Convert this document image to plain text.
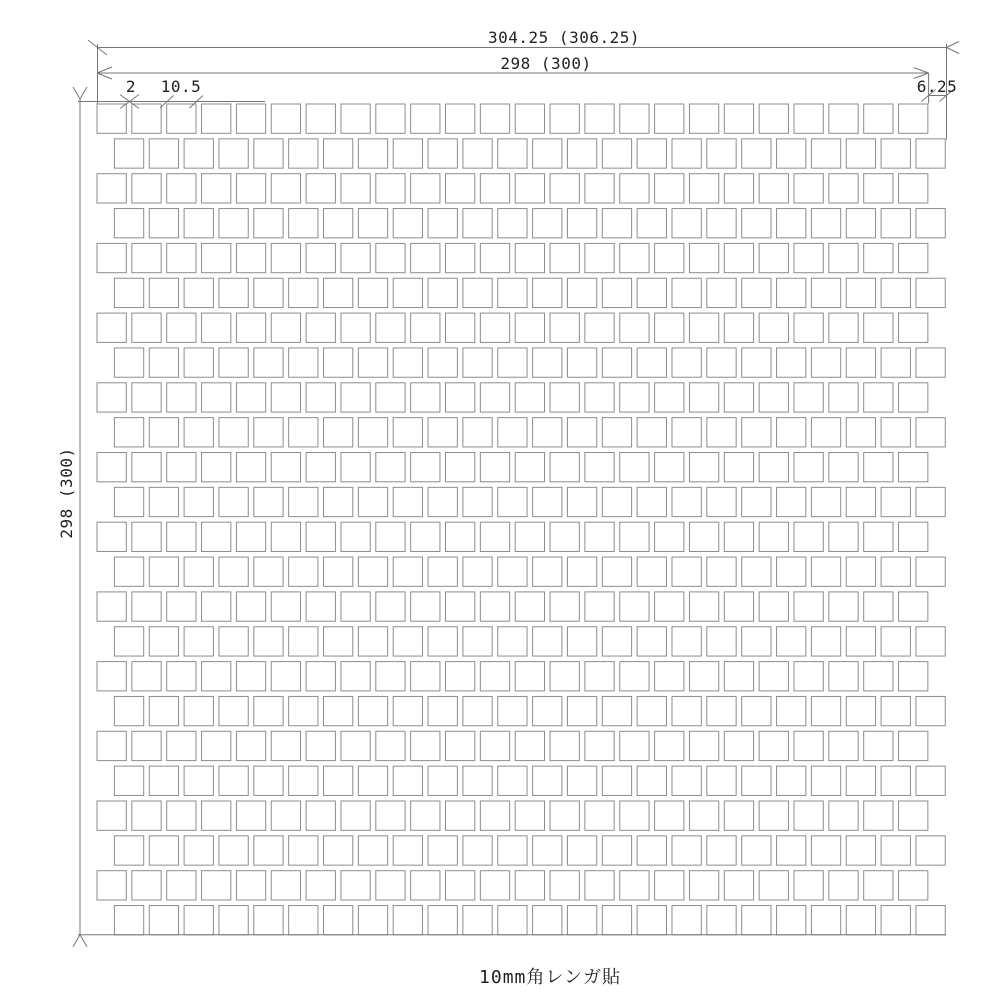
304.25 (306.25)
298 (300)
2	10.5	6.25
298 (300)
10mm角レンガ貼
